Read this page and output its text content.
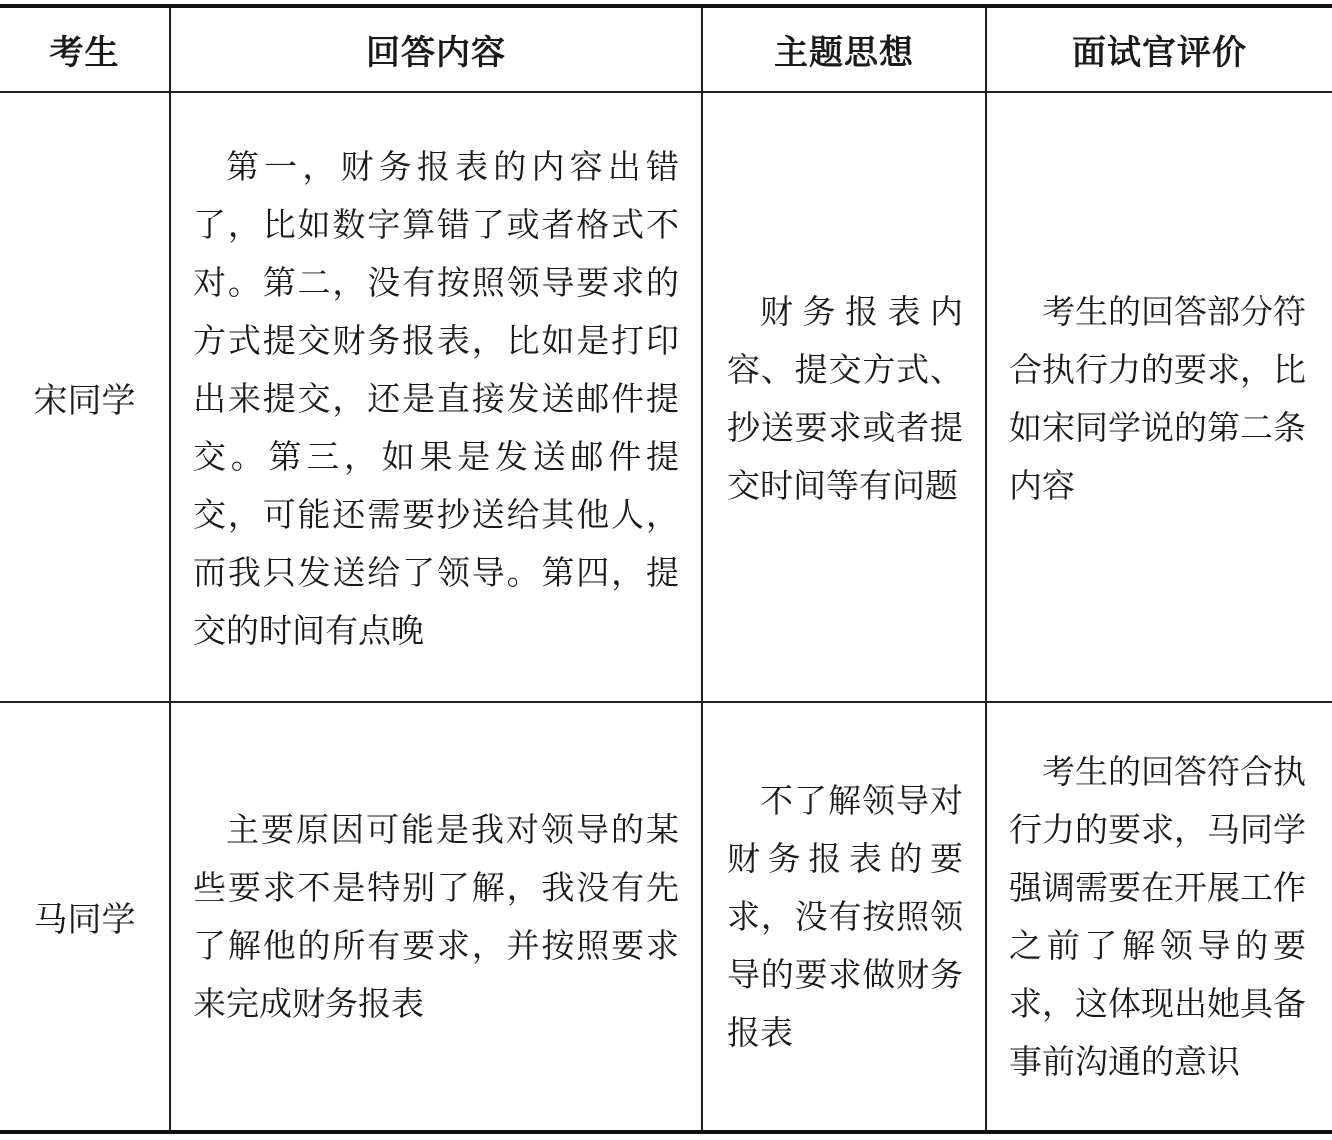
考生	回答内容	主题思想	面试官评价
宋同学	第一，财务报表的内容出错了，比如数字算错了或者格式不对。第二，没有按照领导要求的方式提交财务报表，比如是打印出来提交，还是直接发送邮件提交。第三，如果是发送邮件提交，可能还需要抄送给其他人，而我只发送给了领导。第四，提交的时间有点晚	财务报表内容、提交方式、抄送要求或者提交时间等有问题	考生的回答部分符合执行力的要求，比如宋同学说的第二条内容
马同学	主要原因可能是我对领导的某些要求不是特别了解，我没有先了解他的所有要求，并按照要求来完成财务报表	不了解领导对财务报表的要求，没有按照领导的要求做财务报表	考生的回答符合执行力的要求，马同学强调需要在开展工作之前了解领导的要求，这体现出她具备事前沟通的意识
